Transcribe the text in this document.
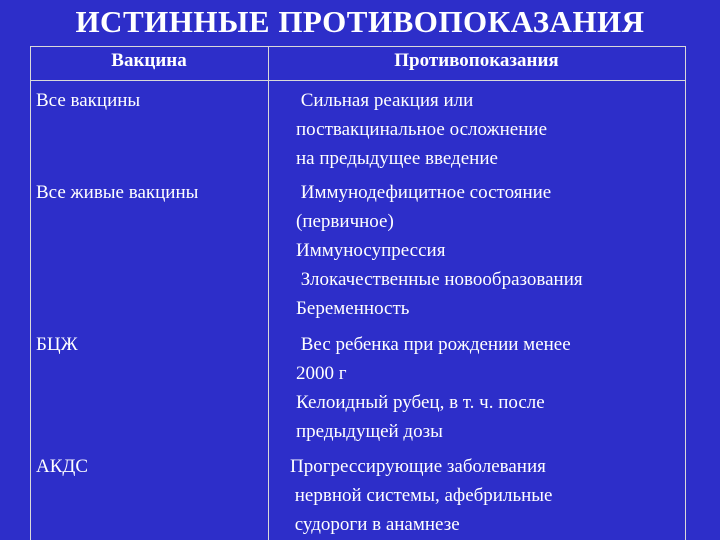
ИСТИННЫЕ ПРОТИВОПОКАЗАНИЯ
Вакцина	Противопоказания
Все вакцины	Сильная реакция или
поствакцинальное осложнение
на предыдущее введение
Все живые вакцины	Иммунодефицитное состояние
(первичное)
Иммуносупрессия
Злокачественные новообразования
Беременность
БЦЖ	Вес ребенка при рождении менее
2000 г
Келоидный рубец, в т. ч. после
предыдущей дозы
АКДС	Прогрессирующие заболевания
нервной системы, афебрильные
судороги в анамнезе
